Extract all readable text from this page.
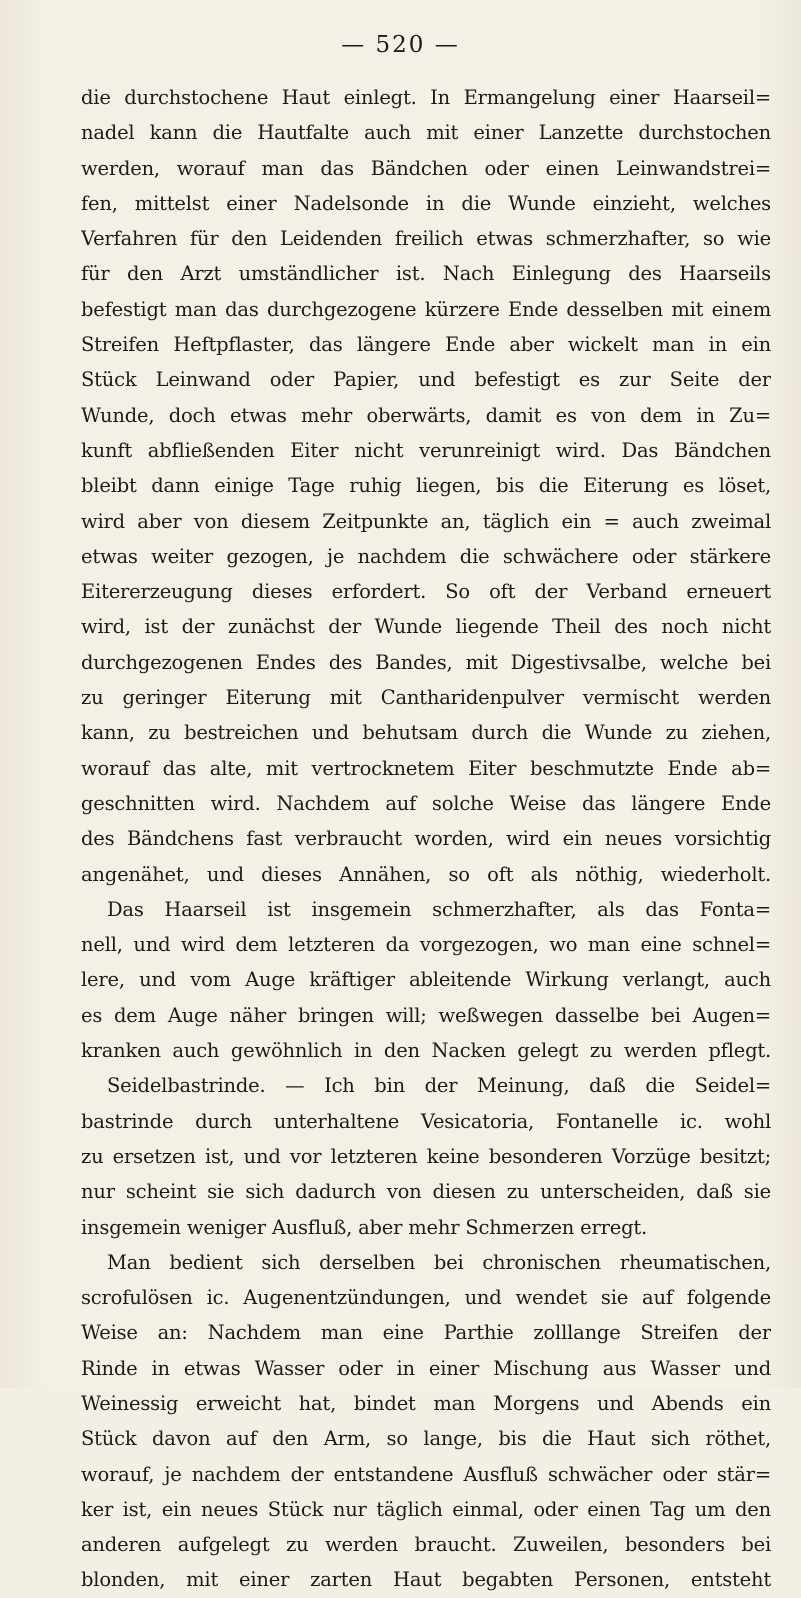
— 520 —
die durchstochene Haut einlegt. In Ermangelung einer Haarseil=
nadel kann die Hautfalte auch mit einer Lanzette durchstochen
werden, worauf man das Bändchen oder einen Leinwandstrei=
fen, mittelst einer Nadelsonde in die Wunde einzieht, welches
Verfahren für den Leidenden freilich etwas schmerzhafter, so wie
für den Arzt umständlicher ist. Nach Einlegung des Haarseils
befestigt man das durchgezogene kürzere Ende desselben mit einem
Streifen Heftpflaster, das längere Ende aber wickelt man in ein
Stück Leinwand oder Papier, und befestigt es zur Seite der
Wunde, doch etwas mehr oberwärts, damit es von dem in Zu=
kunft abfließenden Eiter nicht verunreinigt wird. Das Bändchen
bleibt dann einige Tage ruhig liegen, bis die Eiterung es löset,
wird aber von diesem Zeitpunkte an, täglich ein = auch zweimal
etwas weiter gezogen, je nachdem die schwächere oder stärkere
Eitererzeugung dieses erfordert. So oft der Verband erneuert
wird, ist der zunächst der Wunde liegende Theil des noch nicht
durchgezogenen Endes des Bandes, mit Digestivsalbe, welche bei
zu geringer Eiterung mit Cantharidenpulver vermischt werden
kann, zu bestreichen und behutsam durch die Wunde zu ziehen,
worauf das alte, mit vertrocknetem Eiter beschmutzte Ende ab=
geschnitten wird. Nachdem auf solche Weise das längere Ende
des Bändchens fast verbraucht worden, wird ein neues vorsichtig
angenähet, und dieses Annähen, so oft als nöthig, wiederholt.
Das Haarseil ist insgemein schmerzhafter, als das Fonta=
nell, und wird dem letzteren da vorgezogen, wo man eine schnel=
lere, und vom Auge kräftiger ableitende Wirkung verlangt, auch
es dem Auge näher bringen will; weßwegen dasselbe bei Augen=
kranken auch gewöhnlich in den Nacken gelegt zu werden pflegt.
Seidelbastrinde. — Ich bin der Meinung, daß die Seidel=
bastrinde durch unterhaltene Vesicatoria, Fontanelle ic. wohl
zu ersetzen ist, und vor letzteren keine besonderen Vorzüge besitzt;
nur scheint sie sich dadurch von diesen zu unterscheiden, daß sie
insgemein weniger Ausfluß, aber mehr Schmerzen erregt.
Man bedient sich derselben bei chronischen rheumatischen,
scrofulösen ic. Augenentzündungen, und wendet sie auf folgende
Weise an: Nachdem man eine Parthie zolllange Streifen der
Rinde in etwas Wasser oder in einer Mischung aus Wasser und
Weinessig erweicht hat, bindet man Morgens und Abends ein
Stück davon auf den Arm, so lange, bis die Haut sich röthet,
worauf, je nachdem der entstandene Ausfluß schwächer oder stär=
ker ist, ein neues Stück nur täglich einmal, oder einen Tag um den
anderen aufgelegt zu werden braucht. Zuweilen, besonders bei
blonden, mit einer zarten Haut begabten Personen, entsteht
